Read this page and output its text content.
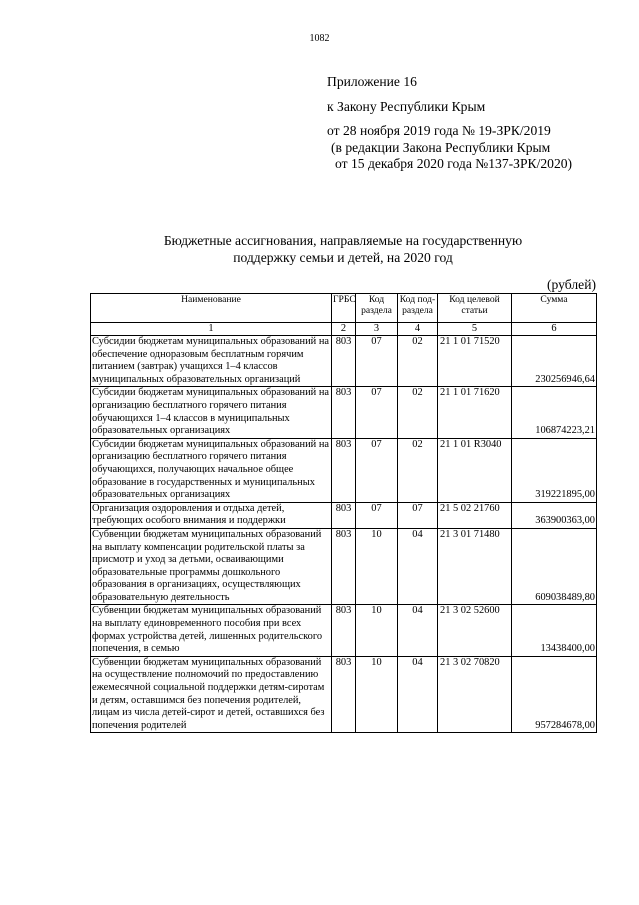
1082
Приложение 16
к Закону Республики Крым
от 28 ноября 2019 года № 19-ЗРК/2019
(в редакции Закона Республики Крым
от 15 декабря 2020 года №137-ЗРК/2020)
Бюджетные ассигнования, направляемые на государственную
поддержку семьи и детей, на 2020 год
(рублей)
Наименование	ГРБС	Код раздела	Код под-раздела	Код целевой статьи	Сумма
1	2	3	4	5	6
Субсидии бюджетам муниципальных образований на обеспечение одноразовым бесплатным горячим питанием (завтрак) учащихся 1–4 классов муниципальных образовательных организаций	803	07	02	21 1 01 71520	230256946,64
Субсидии бюджетам муниципальных образований на организацию бесплатного горячего питания обучающихся 1–4 классов в муниципальных образовательных организациях	803	07	02	21 1 01 71620	106874223,21
Субсидии бюджетам муниципальных образований на организацию бесплатного горячего питания обучающихся, получающих начальное общее образование в государственных и муниципальных образовательных организациях	803	07	02	21 1 01 R3040	319221895,00
Организация оздоровления и отдыха детей, требующих особого внимания и поддержки	803	07	07	21 5 02 21760	363900363,00
Субвенции бюджетам муниципальных образований на выплату компенсации родительской платы за присмотр и уход за детьми, осваивающими образовательные программы дошкольного образования в организациях, осуществляющих образовательную деятельность	803	10	04	21 3 01 71480	609038489,80
Субвенции бюджетам муниципальных образований на выплату единовременного пособия при всех формах устройства детей, лишенных родительского попечения, в семью	803	10	04	21 3 02 52600	13438400,00
Субвенции бюджетам муниципальных образований на осуществление полномочий по предоставлению ежемесячной социальной поддержки детям-сиротам и детям, оставшимся без попечения родителей, лицам из числа детей-сирот и детей, оставшихся без попечения родителей	803	10	04	21 3 02 70820	957284678,00
